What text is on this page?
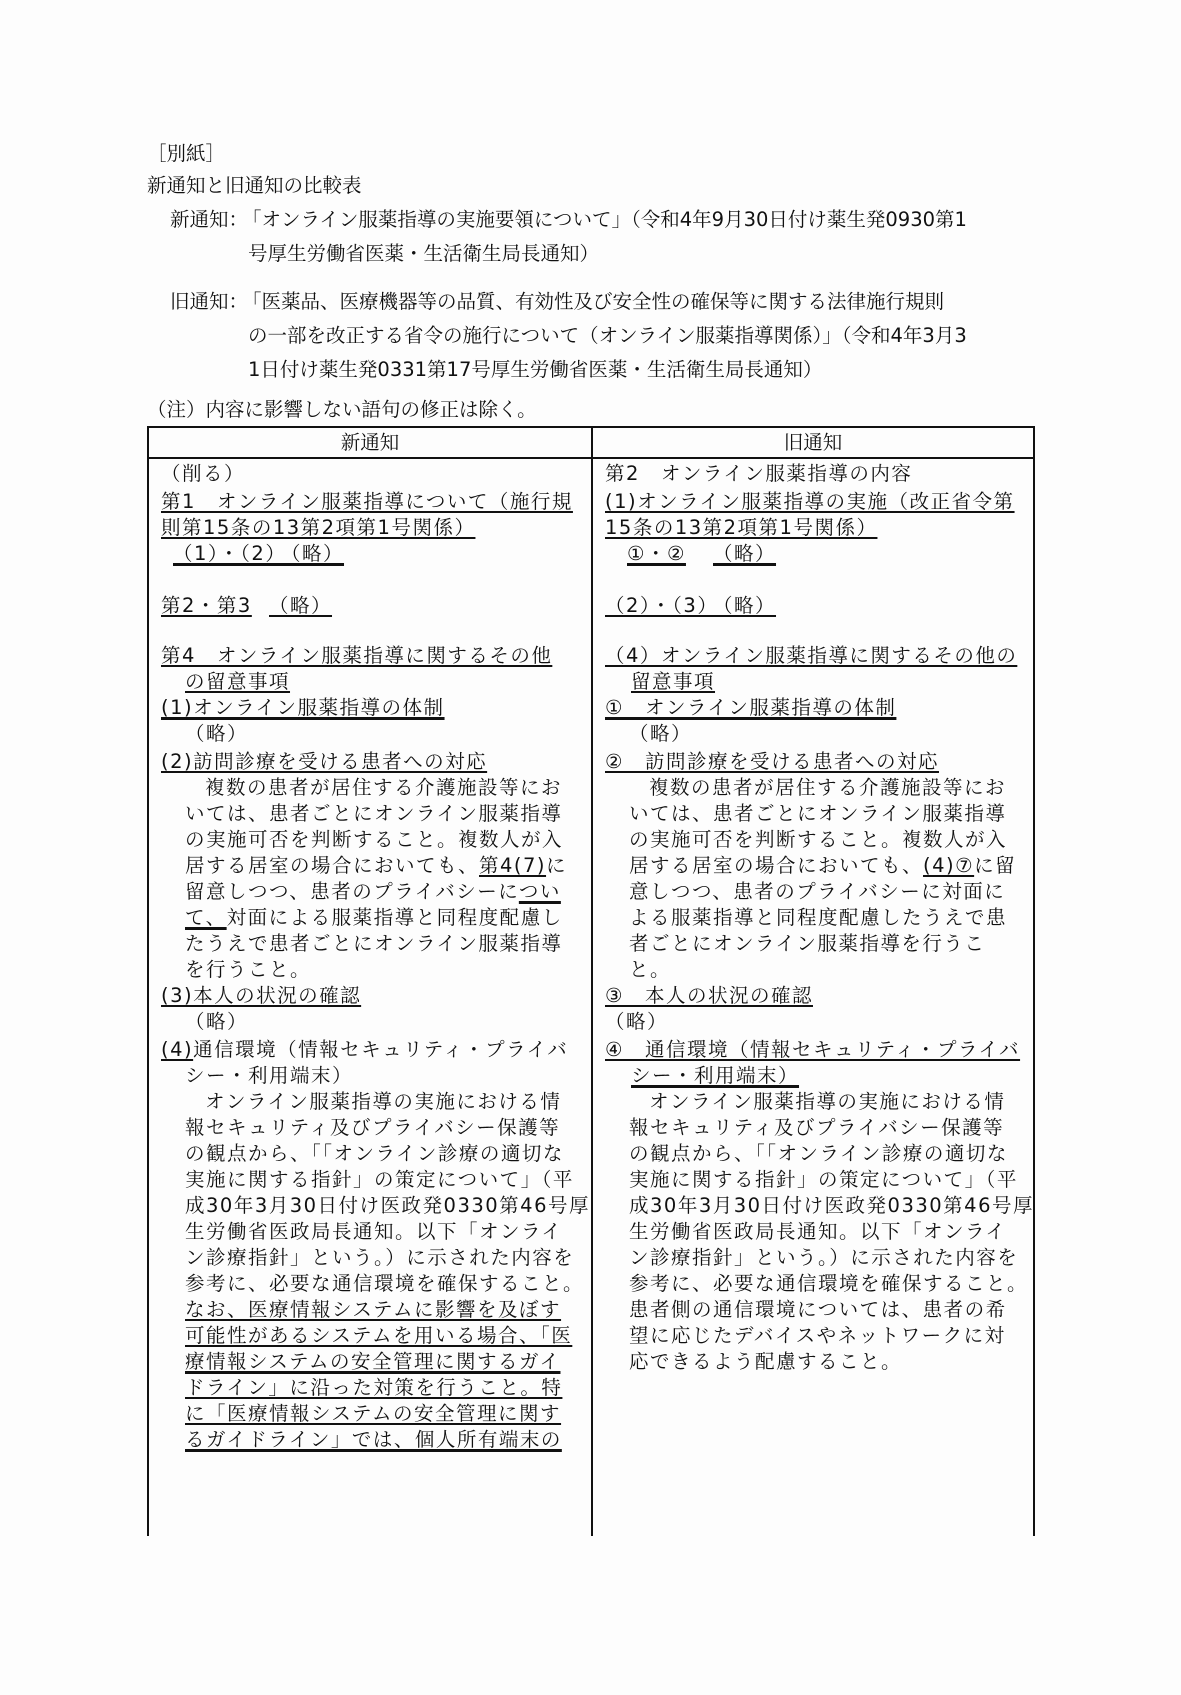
［別紙］
新通知と旧通知の比較表
新通知：
「オンライン服薬指導の実施要領について」（令和4年9月30日付け薬生発0930第1
号厚生労働省医薬・生活衛生局長通知）
旧通知：
「医薬品、医療機器等の品質、有効性及び安全性の確保等に関する法律施行規則
の一部を改正する省令の施行について（オンライン服薬指導関係）」（令和4年3月3
1日付け薬生発0331第17号厚生労働省医薬・生活衛生局長通知）
（注）内容に影響しない語句の修正は除く。
新通知	旧通知
（削る）
第1　オンライン服薬指導について（施行規
則第15条の13第2項第1号関係）
（1）・（2）
（略）
第2・第3 （略）
第4　オンライン服薬指導に関するその他
の留意事項
(1)オンライン服薬指導の体制
（略）
(2)訪問診療を受ける患者への対応
複数の患者が居住する介護施設等にお
いては、患者ごとにオンライン服薬指導
の実施可否を判断すること。複数人が入
居する居室の場合においても、第4(7)に
留意しつつ、患者のプライバシーについ
て、対面による服薬指導と同程度配慮し
たうえで患者ごとにオンライン服薬指導
を行うこと。
(3)本人の状況の確認
（略）
(4)通信環境（情報セキュリティ・プライバ
シー・利用端末）
オンライン服薬指導の実施における情
報セキュリティ及びプライバシー保護等
の観点から、「「オンライン診療の適切な
実施に関する指針」の策定について」（平
成30年3月30日付け医政発0330第46号厚
生労働省医政局長通知。以下「オンライ
ン診療指針」という。）に示された内容を
参考に、必要な通信環境を確保すること。
なお、医療情報システムに影響を及ぼす
可能性があるシステムを用いる場合、「医
療情報システムの安全管理に関するガイ
ドライン」に沿った対策を行うこと。特
に「医療情報システムの安全管理に関す
るガイドライン」では、個人所有端末の
第2　オンライン服薬指導の内容
(1)オンライン服薬指導の実施（改正省令第
15条の13第2項第1号関係）
①・② （略）
（2）・（3）
（略）
（4）オンライン服薬指導に関するその他の
留意事項
①　オンライン服薬指導の体制
（略）
②　訪問診療を受ける患者への対応
複数の患者が居住する介護施設等にお
いては、患者ごとにオンライン服薬指導
の実施可否を判断すること。複数人が入
居する居室の場合においても、(4)⑦に留
意しつつ、患者のプライバシーに対面に
よる服薬指導と同程度配慮したうえで患
者ごとにオンライン服薬指導を行うこ
と。
③　本人の状況の確認
（略）
④　通信環境（情報セキュリティ・プライバ
シー・利用端末）
オンライン服薬指導の実施における情
報セキュリティ及びプライバシー保護等
の観点から、「「オンライン診療の適切な
実施に関する指針」の策定について」（平
成30年3月30日付け医政発0330第46号厚
生労働省医政局長通知。以下「オンライ
ン診療指針」という。）に示された内容を
参考に、必要な通信環境を確保すること。
患者側の通信環境については、患者の希
望に応じたデバイスやネットワークに対
応できるよう配慮すること。
